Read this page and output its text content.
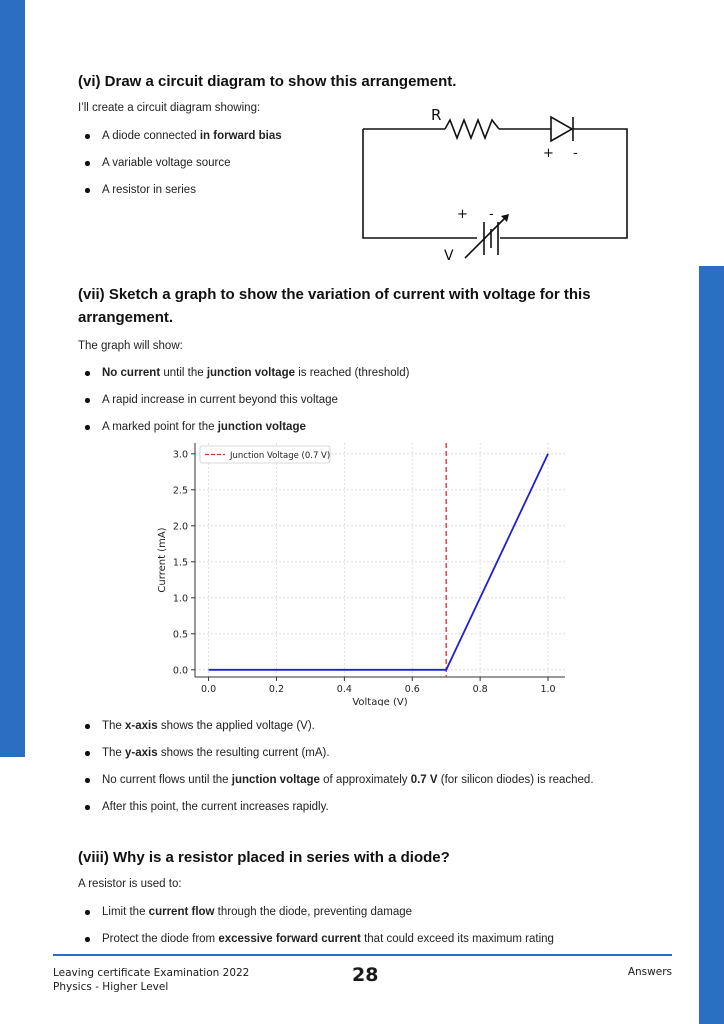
(vi) Draw a circuit diagram to show this arrangement.

I’ll create a circuit diagram showing:

A diode connected in forward bias
A variable voltage source
A resistor in series
R
+ -
+ -
V
(vii) Sketch a graph to show the variation of current with voltage for this
arrangement.

The graph will show:

No current until the junction voltage is reached (threshold)
A rapid increase in current beyond this voltage
A marked point for the junction voltage
0.0	0.2	0.4	0.6	0.8	1.0
0.0
0.5
1.0
1.5
2.0
2.5
3.0
Voltage (V)
Current (mA)
Junction Voltage (0.7 V)
The x-axis shows the applied voltage (V).
The y-axis shows the resulting current (mA).
No current flows until the junction voltage of approximately 0.7 V (for silicon diodes) is reached.
After this point, the current increases rapidly.
(viii) Why is a resistor placed in series with a diode?

A resistor is used to:

Limit the current flow through the diode, preventing damage
Protect the diode from excessive forward current that could exceed its maximum rating
Leaving certificate Examination 2022
Physics - Higher Level
28	Answers
